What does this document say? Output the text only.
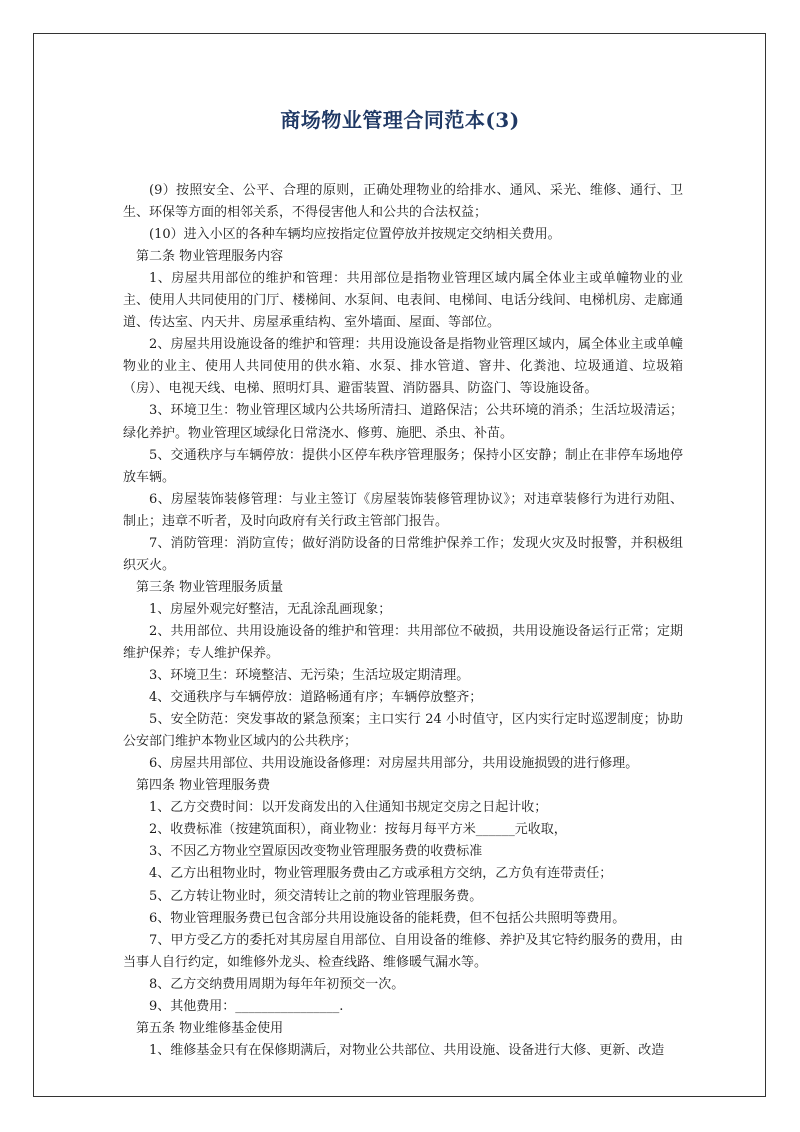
商场物业管理合同范本(3)

(9）按照安全、公平、合理的原则，正确处理物业的给排水、通风、采光、维修、通行、卫生、环保等方面的相邻关系，不得侵害他人和公共的合法权益；

(10）进入小区的各种车辆均应按指定位置停放并按规定交纳相关费用。

第二条 物业管理服务内容

1、房屋共用部位的维护和管理：共用部位是指物业管理区域内属全体业主或单幢物业的业主、使用人共同使用的门厅、楼梯间、水泵间、电表间、电梯间、电话分线间、电梯机房、走廊通道、传达室、内天井、房屋承重结构、室外墙面、屋面、等部位。

2、房屋共用设施设备的维护和管理：共用设施设备是指物业管理区域内，属全体业主或单幢物业的业主、使用人共同使用的供水箱、水泵、排水管道、窨井、化粪池、垃圾通道、垃圾箱（房）、电视天线、电梯、照明灯具、避雷装置、消防器具、防盗门、等设施设备。

3、环境卫生：物业管理区域内公共场所清扫、道路保洁；公共环境的消杀；生活垃圾清运；绿化养护。物业管理区域绿化日常浇水、修剪、施肥、杀虫、补苗。

5、交通秩序与车辆停放：提供小区停车秩序管理服务；保持小区安静；制止在非停车场地停放车辆。

6、房屋装饰装修管理：与业主签订《房屋装饰装修管理协议》；对违章装修行为进行劝阻、制止；违章不听者，及时向政府有关行政主管部门报告。

7、消防管理：消防宣传；做好消防设备的日常维护保养工作；发现火灾及时报警，并积极组织灭火。

第三条 物业管理服务质量

1、房屋外观完好整洁，无乱涂乱画现象；

2、共用部位、共用设施设备的维护和管理：共用部位不破损，共用设施设备运行正常；定期维护保养；专人维护保养。

3、环境卫生：环境整洁、无污染；生活垃圾定期清理。

4、交通秩序与车辆停放：道路畅通有序；车辆停放整齐；

5、安全防范：突发事故的紧急预案；主口实行 24 小时值守，区内实行定时巡逻制度；协助公安部门维护本物业区域内的公共秩序；

6、房屋共用部位、共用设施设备修理：对房屋共用部分，共用设施损毁的进行修理。

第四条 物业管理服务费

1、乙方交费时间：以开发商发出的入住通知书规定交房之日起计收；

2、收费标准（按建筑面积），商业物业：按每月每平方米______元收取，

3、不因乙方物业空置原因改变物业管理服务费的收费标准

4、乙方出租物业时，物业管理服务费由乙方或承租方交纳，乙方负有连带责任；

5、乙方转让物业时，须交清转让之前的物业管理服务费。

6、物业管理服务费已包含部分共用设施设备的能耗费，但不包括公共照明等费用。

7、甲方受乙方的委托对其房屋自用部位、自用设备的维修、养护及其它特约服务的费用，由当事人自行约定，如维修外龙头、检查线路、维修暖气漏水等。

8、乙方交纳费用周期为每年年初预交一次。

9、其他费用：________________.

第五条 物业维修基金使用

1、维修基金只有在保修期满后，对物业公共部位、共用设施、设备进行大修、更新、改造
